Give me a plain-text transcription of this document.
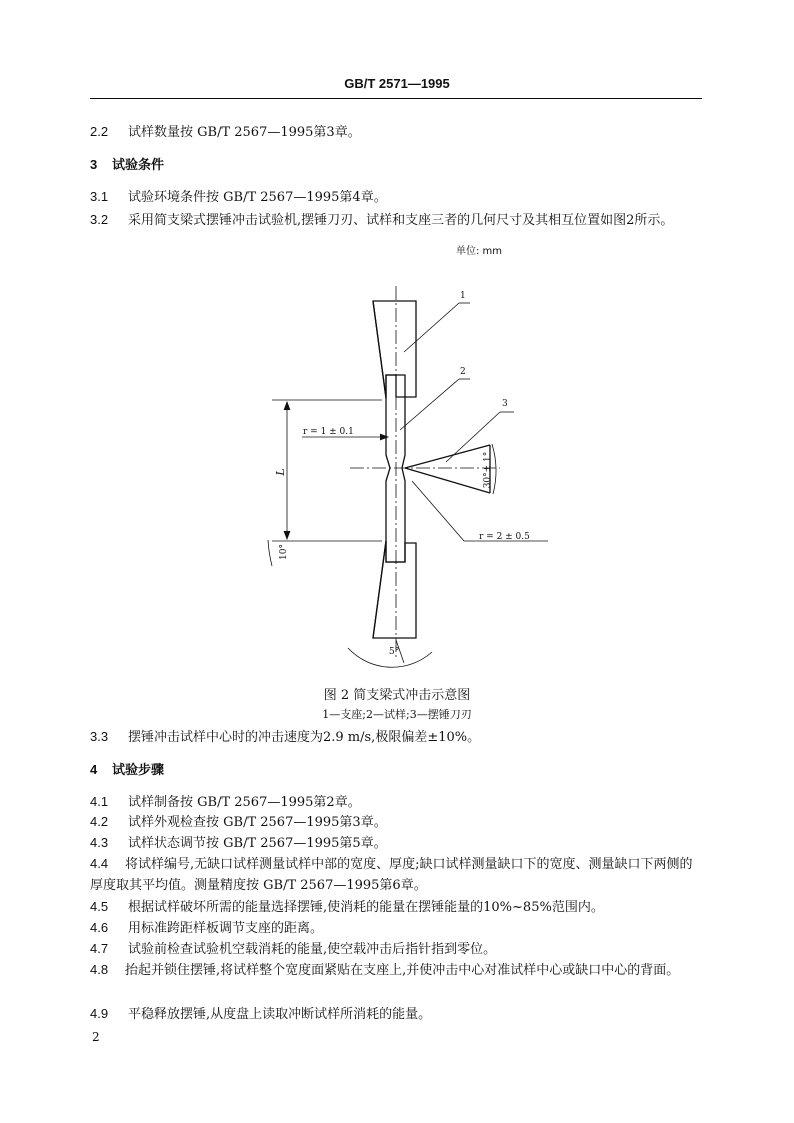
GB/T 2571—1995
2.2 试样数量按 GB/T 2567—1995第3章。
3 试验条件
3.1 试验环境条件按 GB/T 2567—1995第4章。
3.2 采用简支梁式摆锤冲击试验机,摆锤刀刃、试样和支座三者的几何尺寸及其相互位置如图2所示。
单位: mm
1
2
3
r = 1 ± 0.1
r = 2 ± 0.5
L	30°± 1°
10°
5°
图 2 简支梁式冲击示意图
1—支座;2—试样;3—摆锤刀刃
3.3 摆锤冲击试样中心时的冲击速度为2.9 m/s,极限偏差±10%。
4 试验步骤
4.1 试样制备按 GB/T 2567—1995第2章。
4.2 试样外观检查按 GB/T 2567—1995第3章。
4.3 试样状态调节按 GB/T 2567—1995第5章。
4.4 将试样编号,无缺口试样测量试样中部的宽度、厚度;缺口试样测量缺口下的宽度、测量缺口下两侧的厚度取其平均值。测量精度按 GB/T 2567—1995第6章。
4.5 根据试样破坏所需的能量选择摆锤,使消耗的能量在摆锤能量的10%~85%范围内。
4.6 用标准跨距样板调节支座的距离。
4.7 试验前检查试验机空载消耗的能量,使空载冲击后指针指到零位。
4.8 抬起并锁住摆锤,将试样整个宽度面紧贴在支座上,并使冲击中心对准试样中心或缺口中心的背面。
4.9 平稳释放摆锤,从度盘上读取冲断试样所消耗的能量。
2
